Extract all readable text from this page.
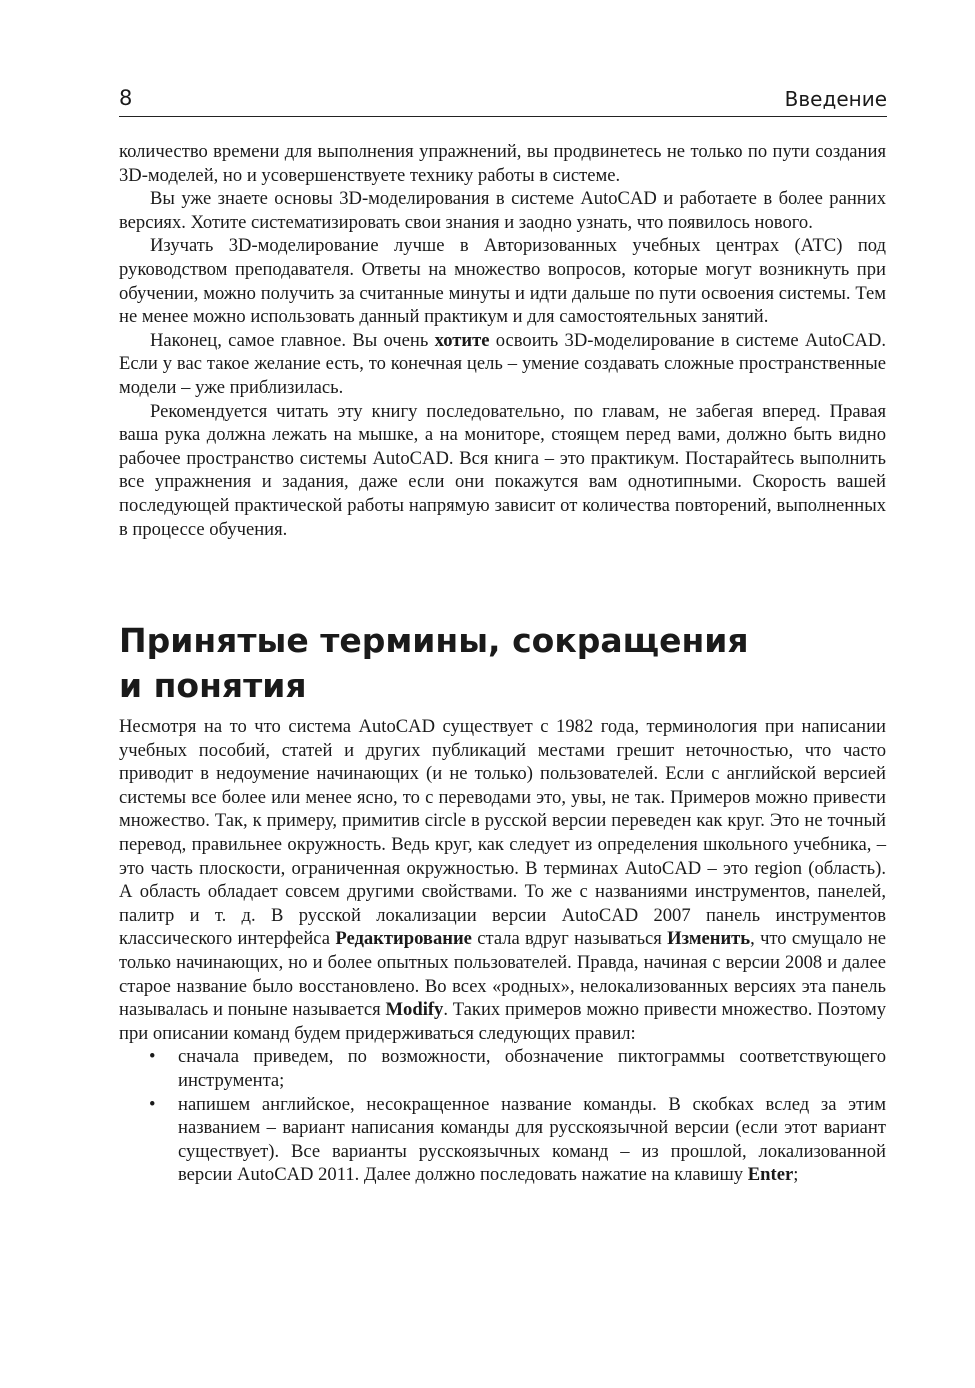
8	Введение

количество времени для выполнения упражнений, вы продвинетесь не только по пути создания 3D-моделей, но и усовершенствуете технику работы в системе.

Вы уже знаете основы 3D-моделирования в системе AutoCAD и работаете в более ранних версиях. Хотите систематизировать свои знания и заодно узнать, что появилось нового.

Изучать 3D-моделирование лучше в Авторизованных учебных центрах (АТС) под руководством преподавателя. Ответы на множество вопросов, которые могут возникнуть при обучении, можно получить за считанные минуты и идти дальше по пути освоения системы. Тем не менее можно использовать данный практикум и для самостоятельных занятий.

Наконец, самое главное. Вы очень хотите освоить 3D-моделирование в системе AutoCAD. Если у вас такое желание есть, то конечная цель – умение создавать сложные пространственные модели – уже приблизилась.

Рекомендуется читать эту книгу последовательно, по главам, не забегая вперед. Правая ваша рука должна лежать на мышке, а на мониторе, стоящем перед вами, должно быть видно рабочее пространство системы AutoCAD. Вся книга – это практикум. Постарайтесь выполнить все упражнения и задания, даже если они покажутся вам однотипными. Скорость вашей последующей практической работы напрямую зависит от количества повторений, выполненных в процессе обучения.

Принятые термины, сокращения
и понятия

Несмотря на то что система AutoCAD существует с 1982 года, терминология при написании учебных пособий, статей и других публикаций местами грешит неточностью, что часто приводит в недоумение начинающих (и не только) пользователей. Если с английской версией системы все более или менее ясно, то с переводами это, увы, не так. Примеров можно привести множество. Так, к примеру, примитив circle в русской версии переведен как круг. Это не точный перевод, правильнее окружность. Ведь круг, как следует из определения школьного учебника, – это часть плоскости, ограниченная окружностью. В терминах AutoCAD – это region (область). А область обладает совсем другими свойствами. То же с названиями инструментов, панелей, палитр и т. д. В русской локализации версии AutoCAD 2007 панель инструментов классического интерфейса Редактирование стала вдруг называться Изменить, что смущало не только начинающих, но и более опытных пользователей. Правда, начиная с версии 2008 и далее старое название было восстановлено. Во всех «родных», нелокализованных версиях эта панель называлась и поныне называется Modify. Таких примеров можно привести множество. Поэтому при описании команд будем придерживаться следующих правил:

• сначала приведем, по возможности, обозначение пиктограммы соответствующего инструмента;
• напишем английское, несокращенное название команды. В скобках вслед за этим названием – вариант написания команды для русскоязычной версии (если этот вариант существует). Все варианты русскоязычных команд – из прошлой, локализованной версии AutoCAD 2011. Далее должно последовать нажатие на клавишу Enter;
